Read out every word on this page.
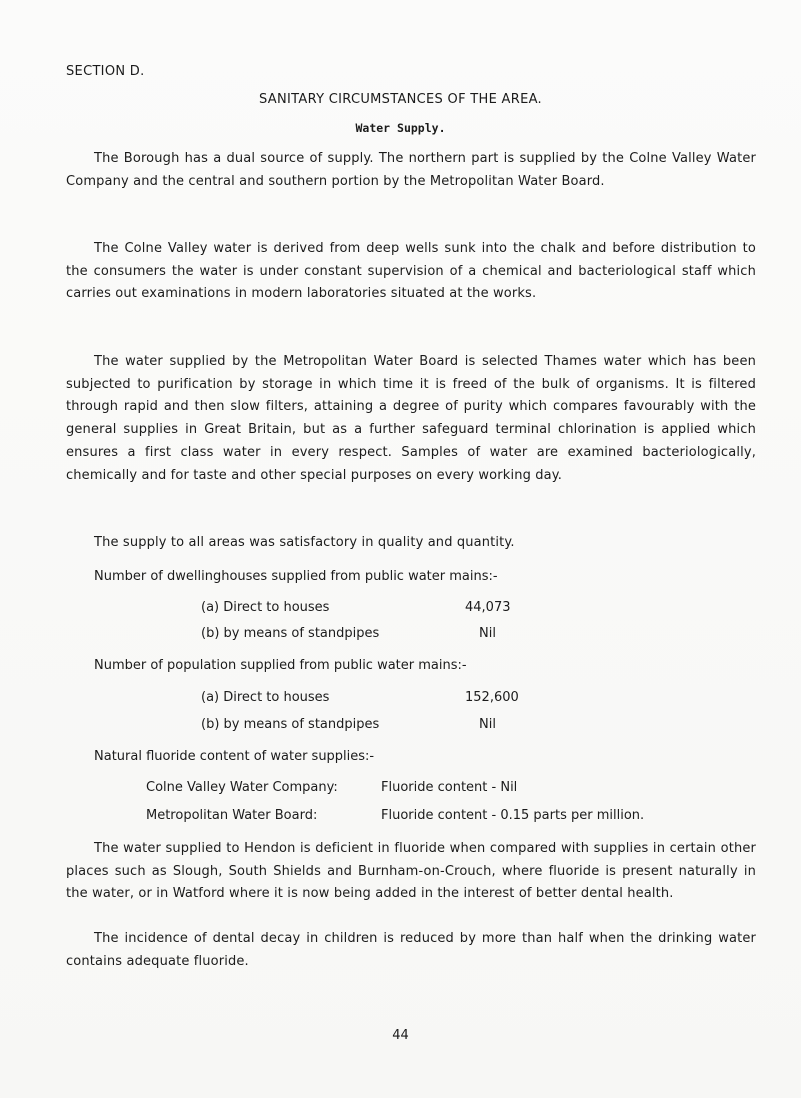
SECTION D.
SANITARY CIRCUMSTANCES OF THE AREA.
Water Supply.

The Borough has a dual source of supply. The northern part is supplied by the Colne Valley Water Company and the central and southern portion by the Metropolitan Water Board.

The Colne Valley water is derived from deep wells sunk into the chalk and before distribution to the consumers the water is under constant supervision of a chemical and bacteriological staff which carries out examinations in modern laboratories situated at the works.

The water supplied by the Metropolitan Water Board is selected Thames water which has been subjected to purification by storage in which time it is freed of the bulk of organisms. It is filtered through rapid and then slow filters, attaining a degree of purity which compares favourably with the general supplies in Great Britain, but as a further safeguard terminal chlorination is applied which ensures a first class water in every respect. Samples of water are examined bacteriologically, chemically and for taste and other special purposes on every working day.

The supply to all areas was satisfactory in quality and quantity.

Number of dwellinghouses supplied from public water mains:-
(a) Direct to houses	44,073
(b) by means of standpipes	Nil
Number of population supplied from public water mains:-
(a) Direct to houses	152,600
(b) by means of standpipes	Nil
Natural fluoride content of water supplies:-
Colne Valley Water Company:	Fluoride content - Nil
Metropolitan Water Board:	Fluoride content - 0.15 parts per million.

The water supplied to Hendon is deficient in fluoride when compared with supplies in certain other places such as Slough, South Shields and Burnham-on-Crouch, where fluoride is present naturally in the water, or in Watford where it is now being added in the interest of better dental health.

The incidence of dental decay in children is reduced by more than half when the drinking water contains adequate fluoride.

44
